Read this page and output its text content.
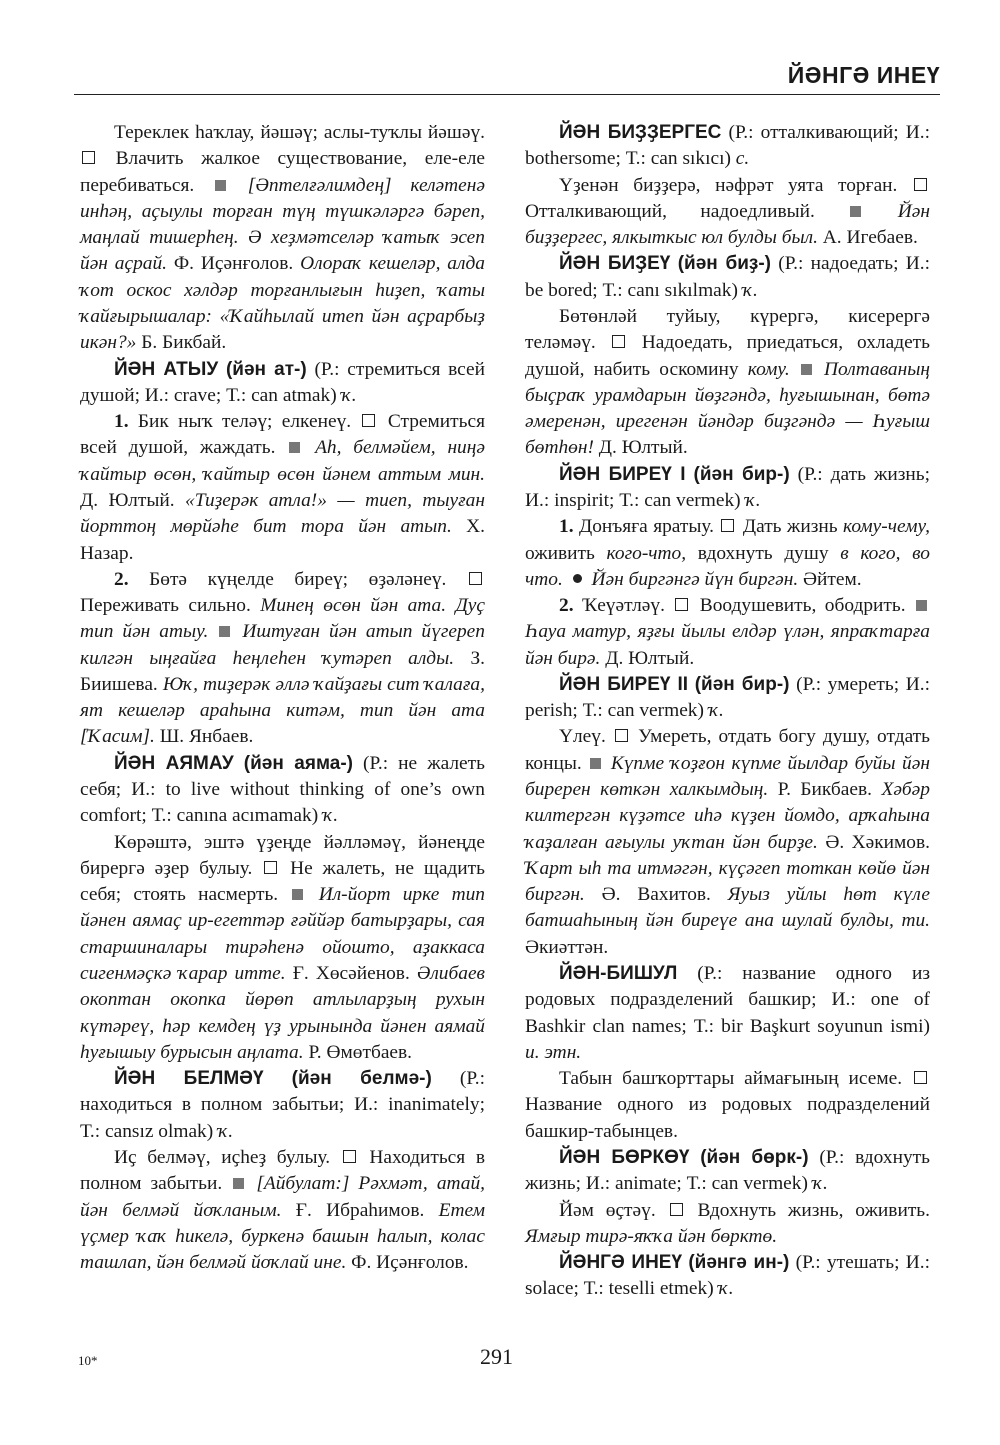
ЙӘНГӘ ИНЕҮ

Тереклек һаҡлау, йәшәү; аслы-туҡлы йәшәү.  Влачить жалкое существование, еле-еле перебиваться.	[Әптелғәлимдең] келәтенә инһәң, аҫыулы торған түң түшкәләргә бәреп, маңлай тишерһең. Ә хеҙмәтселәр ҡатыҡ эсеп йән аҫрай. Ф. Иҫәнғолов. Олораҡ кешеләр, алда ҡот оскос хәлдәр торғанлығын һиҙеп, ҡаты ҡайғырышалар: «Ҡайһылай итеп йән аҫрарбыҙ икән?» Б. Бикбай.

ЙӘН АТЫУ (йән ат-) (Р.: стремиться всей душой; И.: crave; Т.: can atmak) ҡ.

1. Бик ныҡ теләү; елкенеү. Стремиться всей душой, жаждать. Аһ, белмәйем, ниңә ҡайтыр өсөн, ҡайтыр өсөн йәнем аттым мин. Д. Юлтый. «Тиҙерәк атла!» — тиеп, тыуған йорттоң мөрйәһе бит тора йән атып. Х. Назар.

2. Бөтә күңелде биреү; өҙәләнеү.  Переживать сильно. Минең өсөн йән ата. Дуҫ тип йән атыу. Иштуған йән атып йүгереп килгән ыңғайға һеңлеһен ҡутәреп алды. З. Биишева. Юҡ, тиҙерәк әллә ҡайҙағы сит ҡалаға, ят кешеләр араһына китәм, тип йән ата [Ҡасим]. Ш. Янбаев.

ЙӘН АЯМАУ (йән аяма-) (Р.: не жалеть себя; И.: to live without thinking of one’s own comfort; Т.: canına acımamak) ҡ.

Көрәштә, эштә үҙеңде йәлләмәү, йәнеңде бирергә әҙер булыу. Не жалеть, не щадить себя; стоять насмерть. Ил-йорт ирке тип йәнен аямаҫ ир-егеттәр ғәййәр батырҙары, сая старшиналары тирәһенә ойошто, аҙаккаса сигенмәҫкә ҡарар итте. Ғ. Хөсәйенов. Әлибаев окоптан окопка йөрөп атлыларҙың рухын күтәреү, һәр кемдең үҙ урынында йәнен аямай һуғышыу бурысын аңлата. Р. Өмөтбаев.

ЙӘН БЕЛМӘҮ (йән белмә-) (Р.: находиться в полном забытьи; И.: inanimately; Т.: cansız olmak) ҡ.

Иҫ белмәү, иҫһеҙ булыу. Находиться в полном забытьи. [Айбулат:] Рәхмәт, атай, йән белмәй йоҡланым. Ғ. Ибраһимов. Етем үҫмер ҡаҡ һикелә, буркенә башын һалып, колас ташлап, йән белмәй йоҡлай ине. Ф. Иҫәнғолов.

ЙӘН БИҘҘЕРГЕС (Р.: отталкивающий; И.: bothersome; Т.: can sıkıcı) с.

Үҙенән биҙҙерә, нәфрәт уята торған.  Отталкивающий, надоедливый.	Йән биҙҙергес, ялкыткыс юл булды был. А. Игебаев.

ЙӘН БИҘЕҮ (йән биҙ-) (Р.: надоедать; И.: be bored; Т.: canı sıkılmak) ҡ.

Бөтөнләй туйыу, күрергә, кисерергә теләмәү. Надоедать, приедаться, охладеть душой, набить оскомину кому. Полтаваның быҫраҡ урамдарын йөҙгәндә, һуғышынан, бөтә әмеренән, ирегенән йәндәр биҙгәндә — Һуғыш бөтһөн! Д. Юлтый.

ЙӘН БИРЕҮ I (йән бир-) (Р.: дать жизнь; И.: inspirit; Т.: can vermek) ҡ.

1. Донъяға яратыу. Дать жизнь кому-чему, оживить кого-что, вдохнуть душу в кого, во что. Йән биргәнгә йүн биргән. Әйтем.

2. Ҡеүәтләү. Воодушевить, ободрить.  Һауа матур, яҙғы йылы елдәр үлән, япраҡтарға йән бирә. Д. Юлтый.

ЙӘН БИРЕҮ II (йән бир-) (Р.: умереть; И.: perish; Т.: can vermek) ҡ.

Үлеү. Умереть, отдать богу душу, отдать концы. Күпме ҡоҙғон күпме йылдар буйы йән биререн көткән халкымдың. Р. Бикбаев. Хәбәр килтергән күҙәтсе иһә күҙен йомдо, арҡаһына ҡаҙалған ағыулы уҡтан йән бирҙе. Ә. Хәкимов. Ҡарт ыһ та итмәгән, күҫәгеп тоткан көйө йән биргән. Ә. Вахитов. Яуыз уйлы һөт күле батшаһының йән биреүе ана шулай булды, ти. Әкиәттән.

ЙӘН-БИШУЛ (Р.: название одного из родовых подразделений башкир; И.: one of Bashkir clan names; Т.: bir Başkurt soyunun ismi) и. этн.

Табын башҡорттары аймағының исеме.  Название одного из родовых подразделений башкир-табынцев.

ЙӘН БӨРКӨҮ (йән бөрк-) (Р.: вдохнуть жизнь; И.: animate; Т.: can vermek) ҡ.

Йәм өҫтәү. Вдохнуть жизнь, оживить. Ямғыр тирә-яҡҡа йән бөрктө.

ЙӘНГӘ ИНЕҮ (йәнгә ин-) (Р.: утешать; И.: solace; Т.: teselli etmek) ҡ.

10*	291
